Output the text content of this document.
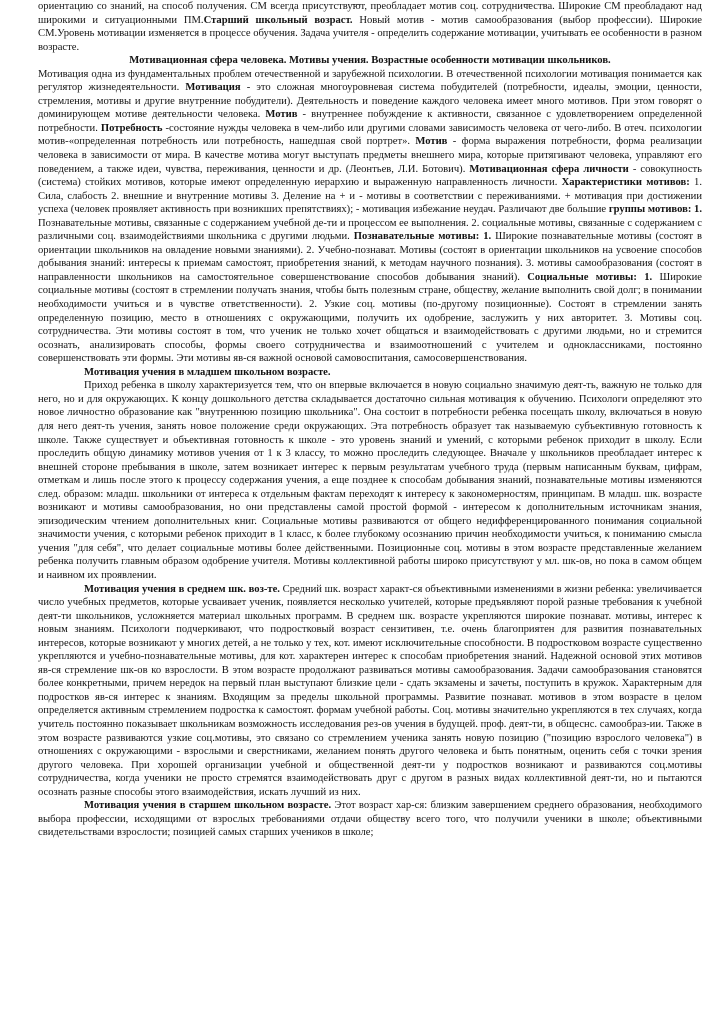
ориентацию со знаний, на способ получения. СМ всегда присутствуют, преобладает мотив соц. сотрудничества. Широкие СМ преобладают над широкими и ситуационными ПМ.Старший школьный возраст. Новый мотив - мотив самообразования (выбор профессии). Широкие СМ.Уровень мотивации изменяется в процессе обучения. Задача учителя - определить содержание мотивации, учитывать ее особенности в разном возрасте.

Мотивационная сфера человека. Мотивы учения. Возрастные особенности мотивации школьников.

Мотивация одна из фундаментальных проблем отечественной и зарубежной психологии. В отечественной психологии мотивация понимается как регулятор жизнедеятельности. Мотивация - это сложная многоуровневая система побудителей (потребности, идеалы, эмоции, ценности, стремления, мотивы и другие внутренние побудители). Деятельность и поведение каждого человека имеет много мотивов. При этом говорят о доминирующем мотиве деятельности человека. Мотив - внутреннее побуждение к активности, связанное с удовлетворением определенной потребности. Потребность -состояние нужды человека в чем-либо или другими словами зависимость человека от чего-либо. В отеч. психологии мотив-«определенная потребность или потребность, нашедшая свой портрет». Мотив - форма выражения потребности, форма реализации человека в зависимости от мира. В качестве мотива могут выступать предметы внешнего мира, которые притягивают человека, управляют его поведением, а также идеи, чувства, переживания, ценности и др. (Леонтьев, Л.И. Ботович). Мотивационная сфера личности - совокупность (система) стойких мотивов, которые имеют определенную иерархию и выраженную направленность личности. Характеристики мотивов: 1. Сила, слабость 2. внешние и внутренние мотивы 3. Деление на + и - мотивы в соответствии с переживаниями. + мотивация при достижении успеха (человек проявляет активность при возникших препятствиях); - мотивация избежание неудач. Различают две большие группы мотивов: 1. Познавательные мотивы, связанные с содержанием учебной де-ти и процессом ее выполнения. 2. социальные мотивы, связанные с содержанием с различными соц. взаимодействиями школьника с другими людьми. Познавательные мотивы: 1. Широкие познавательные мотивы (состоят в ориентации школьников на овладение новыми знаниями). 2. Учебно-познават. Мотивы (состоят в ориентации школьников на усвоение способов добывания знаний: интересы к приемам самостоят, приобретения знаний, к методам научного познания). 3. мотивы самообразования (состоят в направленности школьников на самостоятельное совершенствование способов добывания знаний). Социальные мотивы: 1. Широкие социальные мотивы (состоят в стремлении получать знания, чтобы быть полезным стране, обществу, желание выполнить свой долг; в понимании необходимости учиться и в чувстве ответственности). 2. Узкие соц. мотивы (по-другому позиционные). Состоят в стремлении занять определенную позицию, место в отношениях с окружающими, получить их одобрение, заслужить у них авторитет. 3. Мотивы соц. сотрудничества. Эти мотивы состоят в том, что ученик не только хочет общаться и взаимодействовать с другими людьми, но и стремится осознать, анализировать способы, формы своего сотрудничества и взаимоотношений с учителем и одноклассниками, постоянно совершенствовать эти формы. Эти мотивы яв-ся важной основой самовоспитания, самосовершенствования.

Мотивация учения в младшем школьном возрасте.

Приход ребенка в школу характеризуется тем, что он впервые включается в новую социально значимую деят-ть, важную не только для него, но и для окружающих. К концу дошкольного детства складывается достаточно сильная мотивация к обучению. Психологи определяют это новое личностно образование как "внутреннюю позицию школьника". Она состоит в потребности ребенка посещать школу, включаться в новую для него деят-ть учения, занять новое положение среди окружающих. Эта потребность образует так называемую субъективную готовность к школе. Также существует и объективная готовность к школе - это уровень знаний и умений, с которыми ребенок приходит в школу. Если проследить общую динамику мотивов учения от 1 к 3 классу, то можно проследить следующее. Вначале у школьников преобладает интерес к внешней стороне пребывания в школе, затем возникает интерес к первым результатам учебного труда (первым написанным буквам, цифрам, отметкам и лишь после этого к процессу содержания учения, а еще позднее к способам добывания знаний, познавательные мотивы изменяются след. образом: младш. школьники от интереса к отдельным фактам переходят к интересу к закономерностям, принципам. В младш. шк. возрасте возникают и мотивы самообразования, но они представлены самой простой формой - интересом к дополнительным источникам знания, эпизодическим чтением дополнительных книг. Социальные мотивы развиваются от общего недифференцированного понимания социальной значимости учения, с которыми ребенок приходит в 1 класс, к более глубокому осознанию причин необходимости учиться, к пониманию смысла учения "для себя", что делает социальные мотивы более действенными. Позиционные соц. мотивы в этом возрасте представленные желанием ребенка получить главным образом одобрение учителя. Мотивы коллективной работы широко присутствуют у мл. шк-ов, но пока в самом общем и наивном их проявлении.

Мотивация учения в среднем шк. воз-те. Средний шк. возраст характ-ся объективными изменениями в жизни ребенка: увеличивается число учебных предметов, которые усваивает ученик, появляется несколько учителей, которые предъявляют порой разные требования к учебной деят-ти школьников, усложняется материал школьных программ. В среднем шк. возрасте укрепляются широкие познават. мотивы, интерес к новым знаниям. Психологи подчеркивают, что подростковый возраст сензитивен, т.е. очень благоприятен для развития познавательных интересов, которые возникают у многих детей, а не только у тех, кот. имеют исключительные способности. В подростковом возрасте существенно укрепляются и учебно-познавательные мотивы, для кот. характерен интерес к способам приобретения знаний. Надежной основой этих мотивов яв-ся стремление шк-ов ко взрослости. В этом возрасте продолжают развиваться мотивы самообразования. Задачи самообразования становятся более конкретными, причем нередок на первый план выступают близкие цели - сдать экзамены и зачеты, поступить в кружок. Характерным для подростков яв-ся интерес к знаниям. Входящим за пределы школьной программы. Развитие познават. мотивов в этом возрасте в целом определяется активным стремлением подростка к самостоят. формам учебной работы. Соц. мотивы значительно укрепляются в тех случаях, когда учитель постоянно показывает школьникам возможность исследования рез-ов учения в будущей. проф. деят-ти, в общеснс. самообраз-ии. Также в этом возрасте развиваются узкие соц.мотивы, это связано со стремлением ученика занять новую позицию ("позицию взрослого человека") в отношениях с окружающими - взрослыми и сверстниками, желанием понять другого человека и быть понятным, оценить себя с точки зрения другого человека. При хорошей организации учебной и общественной деят-ти у подростков возникают и развиваются соц.мотивы сотрудничества, когда ученики не просто стремятся взаимодействовать друг с другом в разных видах коллективной деят-ти, но и пытаются осознать разные способы этого взаимодействия, искать лучший из них.

Мотивация учения в старшем школьном возрасте. Этот возраст хар-ся: близким завершением среднего образования, необходимого выбора профессии, исходящими от взрослых требованиями отдачи обществу всего того, что получили ученики в школе; объективными свидетельствами взрослости; позицией самых старших учеников в школе;
